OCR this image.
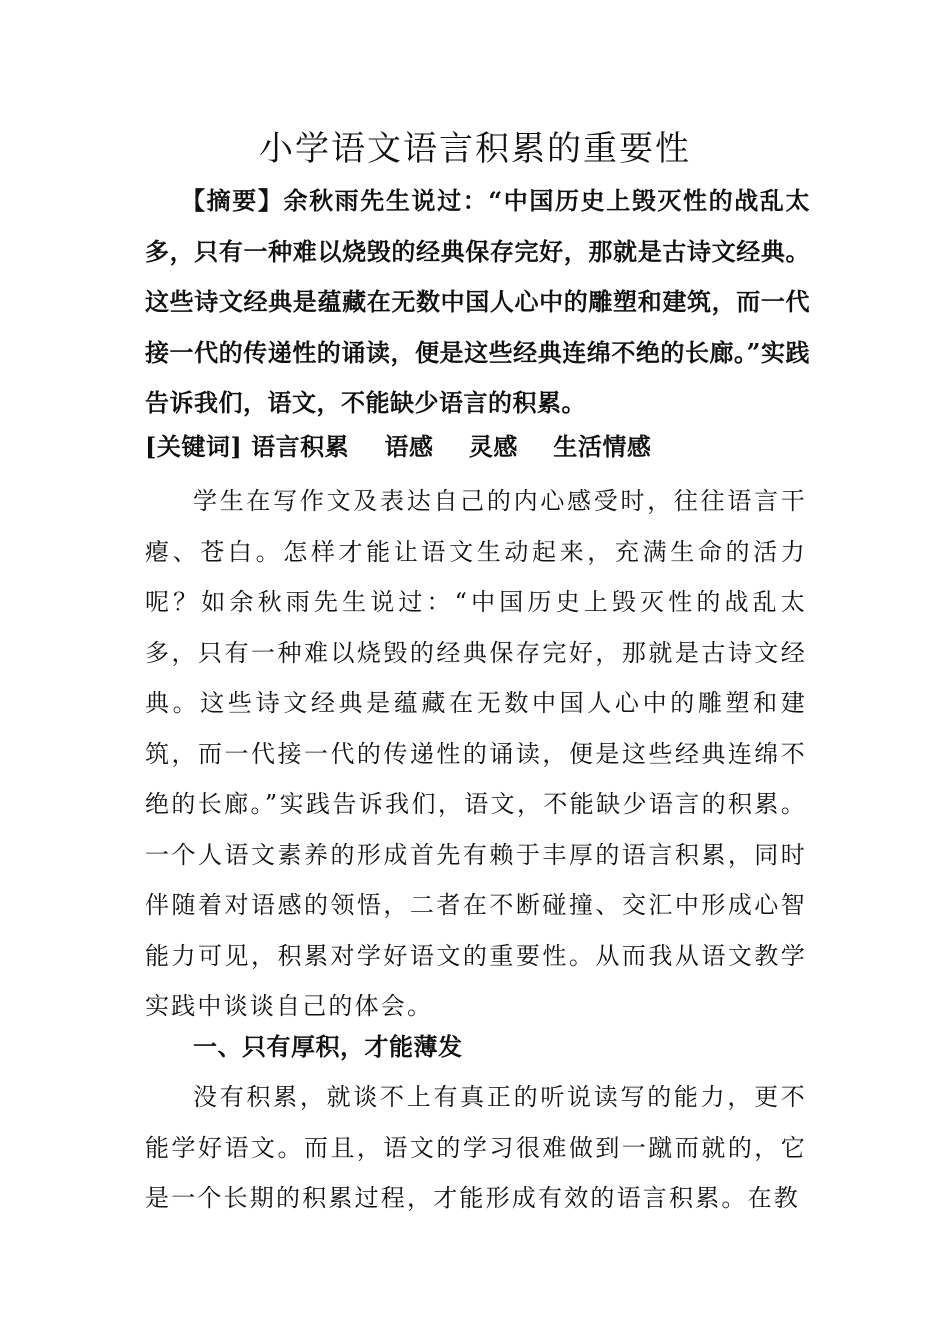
小学语文语言积累的重要性
【摘要】余秋雨先生说过：“中国历史上毁灭性的战乱太多，只有一种难以烧毁的经典保存完好，那就是古诗文经典。这些诗文经典是蕴藏在无数中国人心中的雕塑和建筑，而一代接一代的传递性的诵读，便是这些经典连绵不绝的长廊。”实践告诉我们，语文，不能缺少语言的积累。
[关键词] 语言积累    语感    灵感    生活情感
学生在写作文及表达自己的内心感受时，往往语言干瘪、苍白。怎样才能让语文生动起来，充满生命的活力呢？如余秋雨先生说过：“中国历史上毁灭性的战乱太多，只有一种难以烧毁的经典保存完好，那就是古诗文经典。这些诗文经典是蕴藏在无数中国人心中的雕塑和建筑，而一代接一代的传递性的诵读，便是这些经典连绵不绝的长廊。”实践告诉我们，语文，不能缺少语言的积累。一个人语文素养的形成首先有赖于丰厚的语言积累，同时伴随着对语感的领悟，二者在不断碰撞、交汇中形成心智能力可见，积累对学好语文的重要性。从而我从语文教学实践中谈谈自己的体会。
一、只有厚积，才能薄发
没有积累，就谈不上有真正的听说读写的能力，更不能学好语文。而且，语文的学习很难做到一蹴而就的，它是一个长期的积累过程，才能形成有效的语言积累。在教
